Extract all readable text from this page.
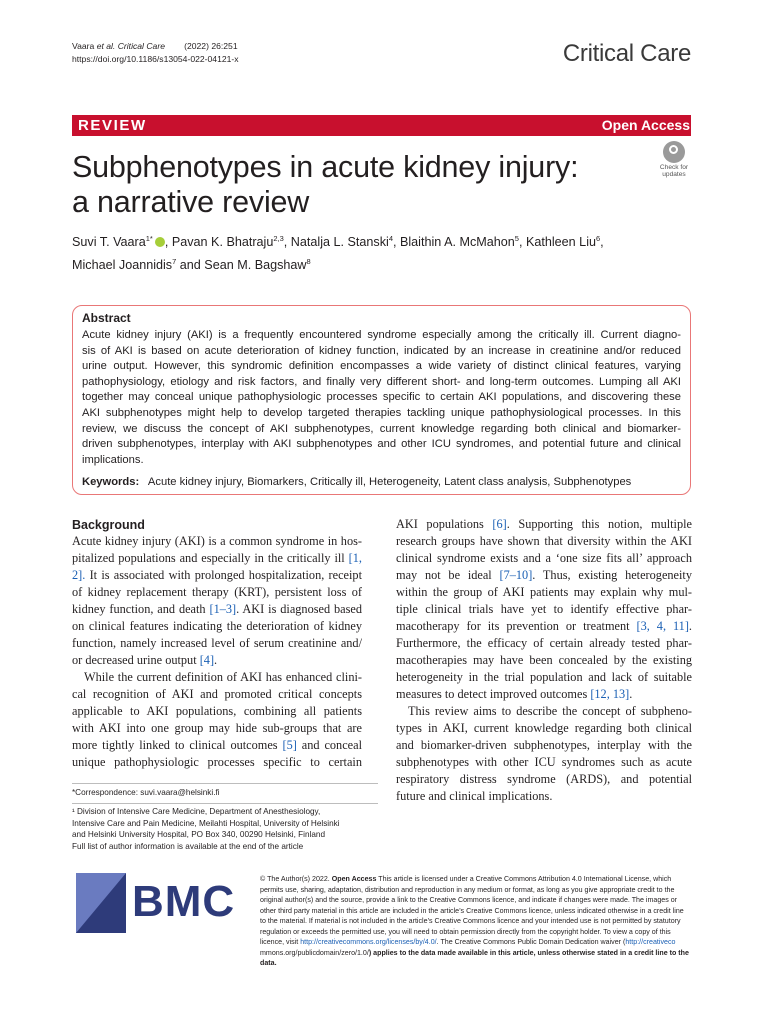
Vaara et al. Critical Care (2022) 26:251
https://doi.org/10.1186/s13054-022-04121-x	Critical Care
REVIEW	Open Access
Check for
updates
Subphenotypes in acute kidney injury:
a narrative review
Suvi T. Vaara$^{1*}$ , Pavan K. Bhatraju$^{2,3}$, Natalja L. Stanski$^4$, Blaithin A. McMahon$^5$, Kathleen Liu$^6$,
Michael Joannidis$^7$ and Sean M. Bagshaw$^8$
Abstract
Acute kidney injury (AKI) is a frequently encountered syndrome especially among the critically ill. Current diagno-
sis of AKI is based on acute deterioration of kidney function, indicated by an increase in creatinine and/or reduced
urine output. However, this syndromic definition encompasses a wide variety of distinct clinical features, varying
pathophysiology, etiology and risk factors, and finally very different short- and long-term outcomes. Lumping all AKI
together may conceal unique pathophysiologic processes specific to certain AKI populations, and discovering these
AKI subphenotypes might help to develop targeted therapies tackling unique pathophysiological processes. In this
review, we discuss the concept of AKI subphenotypes, current knowledge regarding both clinical and biomarker-
driven subphenotypes, interplay with AKI subphenotypes and other ICU syndromes, and potential future and clinical
implications.
Keywords: Acute kidney injury, Biomarkers, Critically ill, Heterogeneity, Latent class analysis, Subphenotypes
Background
Acute kidney injury (AKI) is a common syndrome in hos-
pitalized populations and especially in the critically ill [1,
2]. It is associated with prolonged hospitalization, receipt
of kidney replacement therapy (KRT), persistent loss of
kidney function, and death [1–3]. AKI is diagnosed based
on clinical features indicating the deterioration of kidney
function, namely increased level of serum creatinine and/
or decreased urine output [4].
While the current definition of AKI has enhanced clini-
cal recognition of AKI and promoted critical concepts
applicable to AKI populations, combining all patients
with AKI into one group may hide sub-groups that are
more tightly linked to clinical outcomes [5] and conceal
unique pathophysiologic processes specific to certain
AKI populations [6]. Supporting this notion, multiple
research groups have shown that diversity within the AKI
clinical syndrome exists and a ‘one size fits all’ approach
may not be ideal [7–10]. Thus, existing heterogeneity
within the group of AKI patients may explain why mul-
tiple clinical trials have yet to identify effective phar-
macotherapy for its prevention or treatment [3, 4, 11].
Furthermore, the efficacy of certain already tested phar-
macotherapies may have been concealed by the existing
heterogeneity in the trial population and lack of suitable
measures to detect improved outcomes [12, 13].
This review aims to describe the concept of subpheno-
types in AKI, current knowledge regarding both clinical
and biomarker-driven subphenotypes, interplay with the
subphenotypes with other ICU syndromes such as acute
respiratory distress syndrome (ARDS), and potential
future and clinical implications.
*Correspondence: suvi.vaara@helsinki.fi
¹ Division of Intensive Care Medicine, Department of Anesthesiology,
Intensive Care and Pain Medicine, Meilahti Hospital, University of Helsinki
and Helsinki University Hospital, PO Box 340, 00290 Helsinki, Finland
Full list of author information is available at the end of the article
BMC	© The Author(s) 2022. Open Access This article is licensed under a Creative Commons Attribution 4.0 International License, which
permits use, sharing, adaptation, distribution and reproduction in any medium or format, as long as you give appropriate credit to the
original author(s) and the source, provide a link to the Creative Commons licence, and indicate if changes were made. The images or
other third party material in this article are included in the article’s Creative Commons licence, unless indicated otherwise in a credit line
to the material. If material is not included in the article’s Creative Commons licence and your intended use is not permitted by statutory
regulation or exceeds the permitted use, you will need to obtain permission directly from the copyright holder. To view a copy of this
licence, visit http://creativecommons.org/licenses/by/4.0/. The Creative Commons Public Domain Dedication waiver (http://creativeco
mmons.org/publicdomain/zero/1.0/) applies to the data made available in this article, unless otherwise stated in a credit line to the data.
